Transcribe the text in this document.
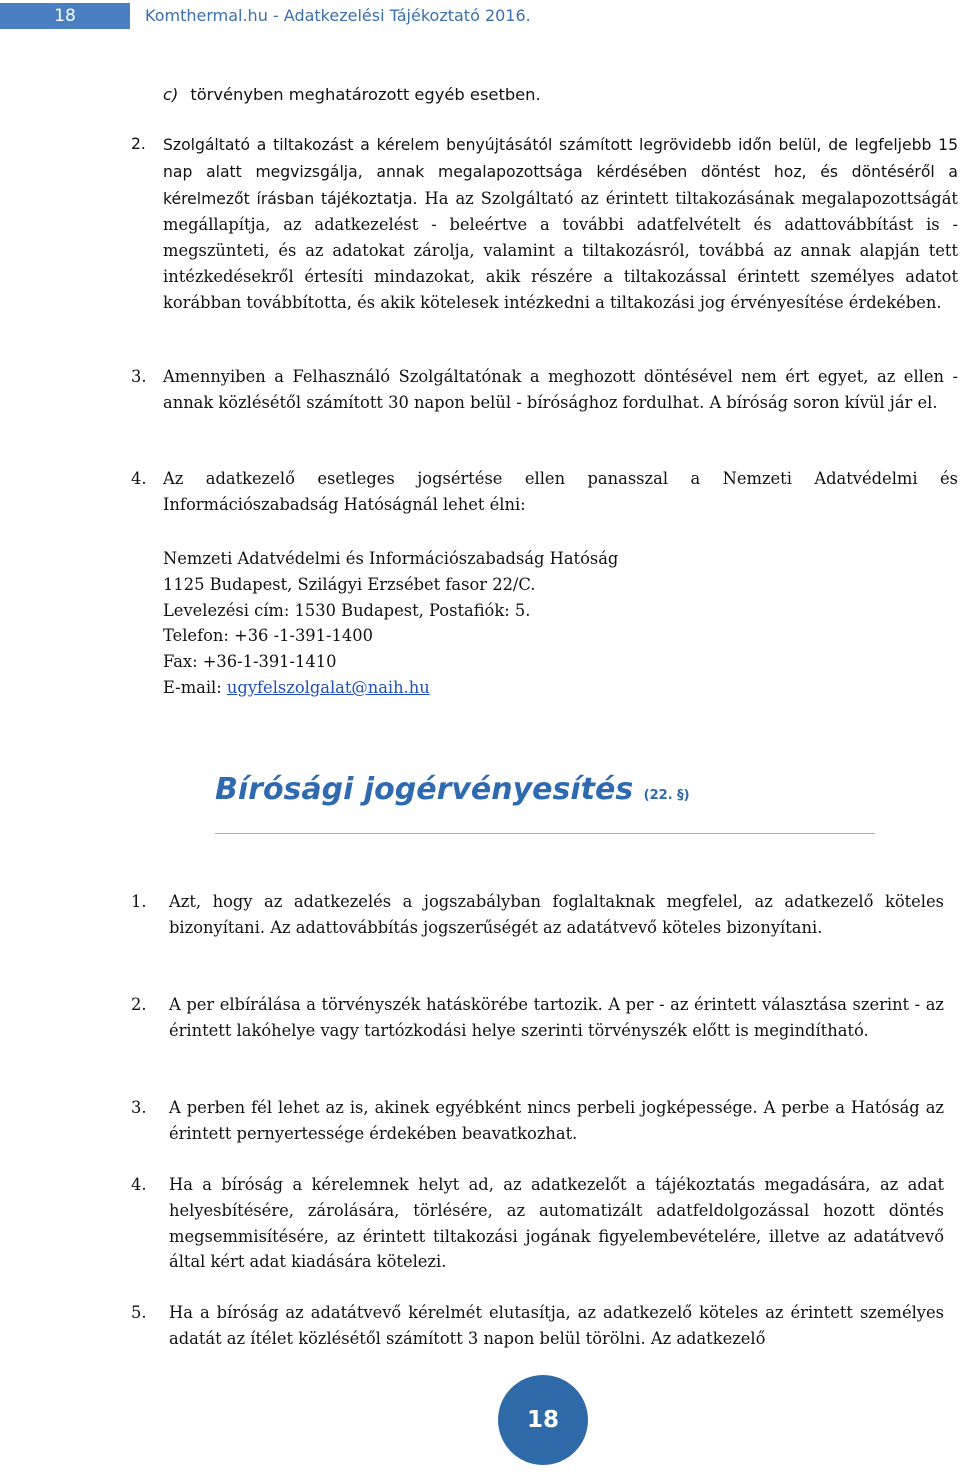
18	Komthermal.hu - Adatkezelési Tájékoztató 2016.
c) törvényben meghatározott egyéb esetben.
2. Szolgáltató a tiltakozást a kérelem benyújtásától számított legrövidebb időn belül, de legfeljebb 15 nap alatt megvizsgálja, annak megalapozottsága kérdésében döntést hoz, és döntéséről a kérelmezőt írásban tájékoztatja. Ha az Szolgáltató az érintett tiltakozásának megalapozottságát megállapítja, az adatkezelést - beleértve a további adatfelvételt és adattovábbítást is - megszünteti, és az adatokat zárolja, valamint a tiltakozásról, továbbá az annak alapján tett intézkedésekről értesíti mindazokat, akik részére a tiltakozással érintett személyes adatot korábban továbbította, és akik kötelesek intézkedni a tiltakozási jog érvényesítése érdekében.
3. Amennyiben a Felhasználó Szolgáltatónak a meghozott döntésével nem ért egyet, az ellen - annak közlésétől számított 30 napon belül - bírósághoz fordulhat. A bíróság soron kívül jár el.
4. Az adatkezelő esetleges jogsértése ellen panasszal a Nemzeti Adatvédelmi és Információszabadság Hatóságnál lehet élni:
Nemzeti Adatvédelmi és Információszabadság Hatóság
1125 Budapest, Szilágyi Erzsébet fasor 22/C.
Levelezési cím: 1530 Budapest, Postafiók: 5.
Telefon: +36 -1-391-1400
Fax: +36-1-391-1410
E-mail: ugyfelszolgalat@naih.hu
Bírósági jogérvényesítés (22. §)
1. Azt, hogy az adatkezelés a jogszabályban foglaltaknak megfelel, az adatkezelő köteles bizonyítani. Az adattovábbítás jogszerűségét az adatátvevő köteles bizonyítani.
2. A per elbírálása a törvényszék hatáskörébe tartozik. A per - az érintett választása szerint - az érintett lakóhelye vagy tartózkodási helye szerinti törvényszék előtt is megindítható.
3. A perben fél lehet az is, akinek egyébként nincs perbeli jogképessége. A perbe a Hatóság az érintett pernyertessége érdekében beavatkozhat.
4. Ha a bíróság a kérelemnek helyt ad, az adatkezelőt a tájékoztatás megadására, az adat helyesbítésére, zárolására, törlésére, az automatizált adatfeldolgozással hozott döntés megsemmisítésére, az érintett tiltakozási jogának figyelembevételére, illetve az adatátvevő által kért adat kiadására kötelezi.
5. Ha a bíróság az adatátvevő kérelmét elutasítja, az adatkezelő köteles az érintett személyes adatát az ítélet közlésétől számított 3 napon belül törölni. Az adatkezelő
18
